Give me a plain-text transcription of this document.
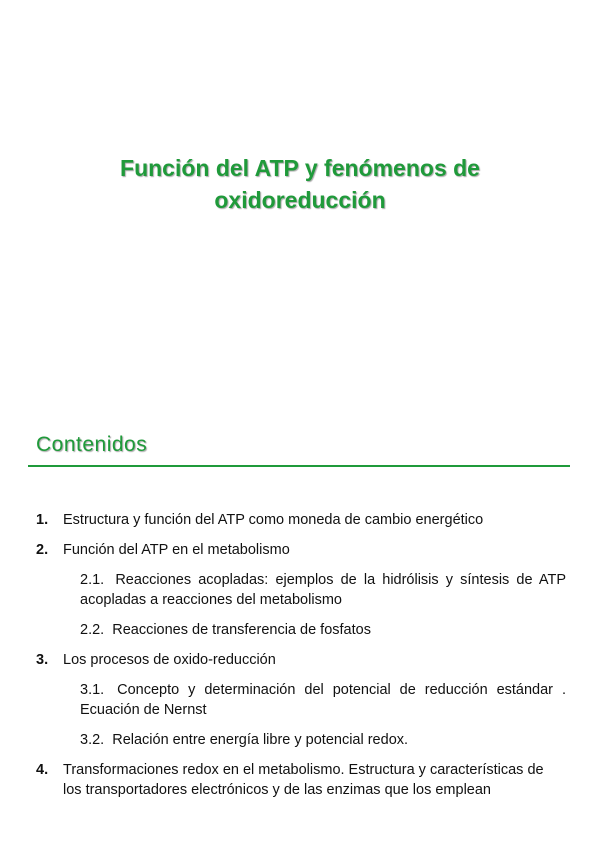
Función del ATP y fenómenos de
oxidoreducción
Contenidos
1. Estructura y función del ATP como moneda de cambio energético
2. Función del ATP en el metabolismo
2.1. Reacciones acopladas: ejemplos de la hidrólisis y síntesis de ATP acopladas a reacciones del metabolismo
2.2. Reacciones de transferencia de fosfatos
3. Los procesos de oxido-reducción
3.1. Concepto y determinación del potencial de reducción estándar . Ecuación de Nernst
3.2. Relación entre energía libre y potencial redox.
4. Transformaciones redox en el metabolismo. Estructura y características de los transportadores electrónicos y de las enzimas que los emplean
